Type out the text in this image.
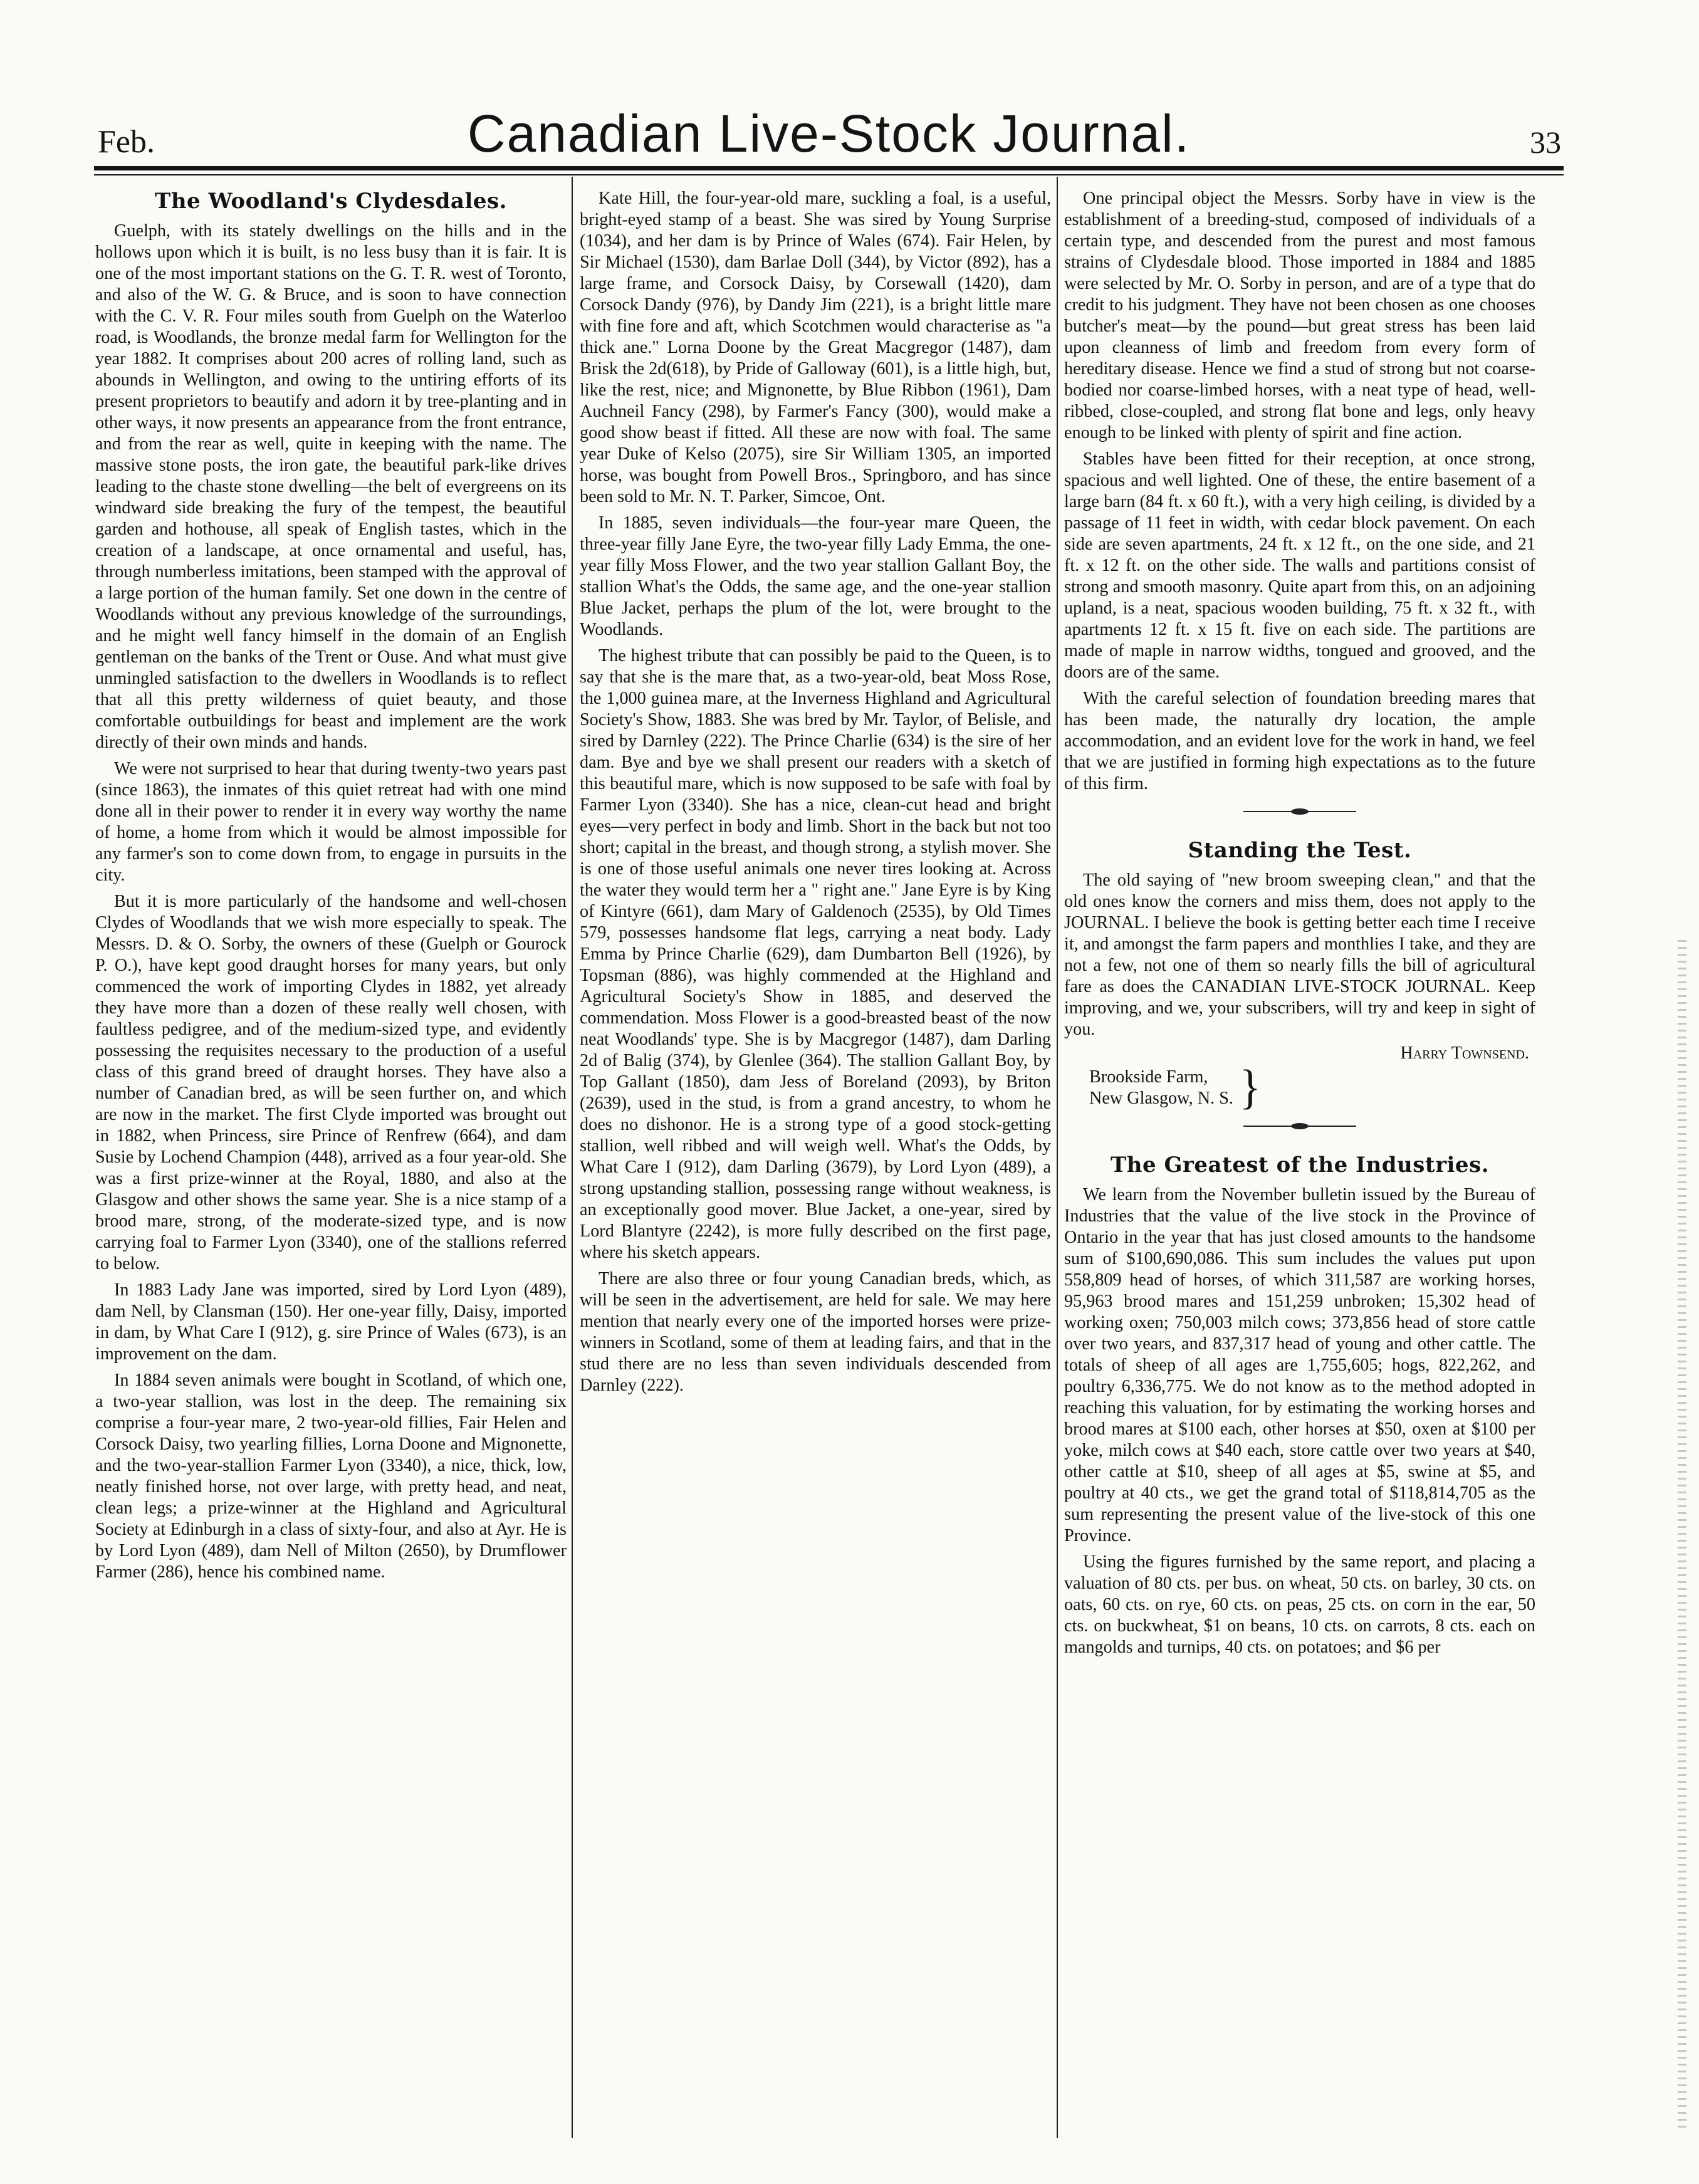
Feb.	Canadian Live-Stock Journal.	33
The Woodland's Clydesdales.

Guelph, with its stately dwellings on the hills and in the hollows upon which it is built, is no less busy than it is fair. It is one of the most important stations on the G. T. R. west of Toronto, and also of the W. G. & Bruce, and is soon to have connection with the C. V. R. Four miles south from Guelph on the Waterloo road, is Woodlands, the bronze medal farm for Wellington for the year 1882. It comprises about 200 acres of rolling land, such as abounds in Wellington, and owing to the untiring efforts of its present proprietors to beautify and adorn it by tree-planting and in other ways, it now presents an appearance from the front entrance, and from the rear as well, quite in keeping with the name. The massive stone posts, the iron gate, the beautiful park-like drives leading to the chaste stone dwelling—the belt of evergreens on its windward side breaking the fury of the tempest, the beautiful garden and hothouse, all speak of English tastes, which in the creation of a landscape, at once ornamental and useful, has, through numberless imitations, been stamped with the approval of a large portion of the human family. Set one down in the centre of Woodlands without any previous knowledge of the surroundings, and he might well fancy himself in the domain of an English gentleman on the banks of the Trent or Ouse. And what must give unmingled satisfaction to the dwellers in Woodlands is to reflect that all this pretty wilderness of quiet beauty, and those comfortable outbuildings for beast and implement are the work directly of their own minds and hands.

We were not surprised to hear that during twenty-two years past (since 1863), the inmates of this quiet retreat had with one mind done all in their power to render it in every way worthy the name of home, a home from which it would be almost impossible for any farmer's son to come down from, to engage in pursuits in the city.

But it is more particularly of the handsome and well-chosen Clydes of Woodlands that we wish more especially to speak. The Messrs. D. & O. Sorby, the owners of these (Guelph or Gourock P. O.), have kept good draught horses for many years, but only commenced the work of importing Clydes in 1882, yet already they have more than a dozen of these really well chosen, with faultless pedigree, and of the medium-sized type, and evidently possessing the requisites necessary to the production of a useful class of this grand breed of draught horses. They have also a number of Canadian bred, as will be seen further on, and which are now in the market. The first Clyde imported was brought out in 1882, when Princess, sire Prince of Renfrew (664), and dam Susie by Lochend Champion (448), arrived as a four year-old. She was a first prize-winner at the Royal, 1880, and also at the Glasgow and other shows the same year. She is a nice stamp of a brood mare, strong, of the moderate-sized type, and is now carrying foal to Farmer Lyon (3340), one of the stallions referred to below.

In 1883 Lady Jane was imported, sired by Lord Lyon (489), dam Nell, by Clansman (150). Her one-year filly, Daisy, imported in dam, by What Care I (912), g. sire Prince of Wales (673), is an improvement on the dam.

In 1884 seven animals were bought in Scotland, of which one, a two-year stallion, was lost in the deep. The remaining six comprise a four-year mare, 2 two-year-old fillies, Fair Helen and Corsock Daisy, two yearling fillies, Lorna Doone and Mignonette, and the two-year-stallion Farmer Lyon (3340), a nice, thick, low, neatly finished horse, not over large, with pretty head, and neat, clean legs; a prize-winner at the Highland and Agricultural Society at Edinburgh in a class of sixty-four, and also at Ayr. He is by Lord Lyon (489), dam Nell of Milton (2650), by Drumflower Farmer (286), hence his combined name.

Kate Hill, the four-year-old mare, suckling a foal, is a useful, bright-eyed stamp of a beast. She was sired by Young Surprise (1034), and her dam is by Prince of Wales (674). Fair Helen, by Sir Michael (1530), dam Barlae Doll (344), by Victor (892), has a large frame, and Corsock Daisy, by Corsewall (1420), dam Corsock Dandy (976), by Dandy Jim (221), is a bright little mare with fine fore and aft, which Scotchmen would characterise as "a thick ane." Lorna Doone by the Great Macgregor (1487), dam Brisk the 2d(618), by Pride of Galloway (601), is a little high, but, like the rest, nice; and Mignonette, by Blue Ribbon (1961), Dam Auchneil Fancy (298), by Farmer's Fancy (300), would make a good show beast if fitted. All these are now with foal. The same year Duke of Kelso (2075), sire Sir William 1305, an imported horse, was bought from Powell Bros., Springboro, and has since been sold to Mr. N. T. Parker, Simcoe, Ont.

In 1885, seven individuals—the four-year mare Queen, the three-year filly Jane Eyre, the two-year filly Lady Emma, the one-year filly Moss Flower, and the two year stallion Gallant Boy, the stallion What's the Odds, the same age, and the one-year stallion Blue Jacket, perhaps the plum of the lot, were brought to the Woodlands.

The highest tribute that can possibly be paid to the Queen, is to say that she is the mare that, as a two-year-old, beat Moss Rose, the 1,000 guinea mare, at the Inverness Highland and Agricultural Society's Show, 1883. She was bred by Mr. Taylor, of Belisle, and sired by Darnley (222). The Prince Charlie (634) is the sire of her dam. Bye and bye we shall present our readers with a sketch of this beautiful mare, which is now supposed to be safe with foal by Farmer Lyon (3340). She has a nice, clean-cut head and bright eyes—very perfect in body and limb. Short in the back but not too short; capital in the breast, and though strong, a stylish mover. She is one of those useful animals one never tires looking at. Across the water they would term her a " right ane." Jane Eyre is by King of Kintyre (661), dam Mary of Galdenoch (2535), by Old Times 579, possesses handsome flat legs, carrying a neat body. Lady Emma by Prince Charlie (629), dam Dumbarton Bell (1926), by Topsman (886), was highly commended at the Highland and Agricultural Society's Show in 1885, and deserved the commendation. Moss Flower is a good-breasted beast of the now neat Woodlands' type. She is by Macgregor (1487), dam Darling 2d of Balig (374), by Glenlee (364). The stallion Gallant Boy, by Top Gallant (1850), dam Jess of Boreland (2093), by Briton (2639), used in the stud, is from a grand ancestry, to whom he does no dishonor. He is a strong type of a good stock-getting stallion, well ribbed and will weigh well. What's the Odds, by What Care I (912), dam Darling (3679), by Lord Lyon (489), a strong upstanding stallion, possessing range without weakness, is an exceptionally good mover. Blue Jacket, a one-year, sired by Lord Blantyre (2242), is more fully described on the first page, where his sketch appears.

There are also three or four young Canadian breds, which, as will be seen in the advertisement, are held for sale. We may here mention that nearly every one of the imported horses were prize-winners in Scotland, some of them at leading fairs, and that in the stud there are no less than seven individuals descended from Darnley (222).

One principal object the Messrs. Sorby have in view is the establishment of a breeding-stud, composed of individuals of a certain type, and descended from the purest and most famous strains of Clydesdale blood. Those imported in 1884 and 1885 were selected by Mr. O. Sorby in person, and are of a type that do credit to his judgment. They have not been chosen as one chooses butcher's meat—by the pound—but great stress has been laid upon cleanness of limb and freedom from every form of hereditary disease. Hence we find a stud of strong but not coarse-bodied nor coarse-limbed horses, with a neat type of head, well-ribbed, close-coupled, and strong flat bone and legs, only heavy enough to be linked with plenty of spirit and fine action.

Stables have been fitted for their reception, at once strong, spacious and well lighted. One of these, the entire basement of a large barn (84 ft. x 60 ft.), with a very high ceiling, is divided by a passage of 11 feet in width, with cedar block pavement. On each side are seven apartments, 24 ft. x 12 ft., on the one side, and 21 ft. x 12 ft. on the other side. The walls and partitions consist of strong and smooth masonry. Quite apart from this, on an adjoining upland, is a neat, spacious wooden building, 75 ft. x 32 ft., with apartments 12 ft. x 15 ft. five on each side. The partitions are made of maple in narrow widths, tongued and grooved, and the doors are of the same.

With the careful selection of foundation breeding mares that has been made, the naturally dry location, the ample accommodation, and an evident love for the work in hand, we feel that we are justified in forming high expectations as to the future of this firm.

Standing the Test.

The old saying of "new broom sweeping clean," and that the old ones know the corners and miss them, does not apply to the JOURNAL. I believe the book is getting better each time I receive it, and amongst the farm papers and monthlies I take, and they are not a few, not one of them so nearly fills the bill of agricultural fare as does the CANADIAN LIVE-STOCK JOURNAL. Keep improving, and we, your subscribers, will try and keep in sight of you.

Harry Townsend.
Brookside Farm,
New Glasgow, N. S. }
The Greatest of the Industries.

We learn from the November bulletin issued by the Bureau of Industries that the value of the live stock in the Province of Ontario in the year that has just closed amounts to the handsome sum of $100,690,086. This sum includes the values put upon 558,809 head of horses, of which 311,587 are working horses, 95,963 brood mares and 151,259 unbroken; 15,302 head of working oxen; 750,003 milch cows; 373,856 head of store cattle over two years, and 837,317 head of young and other cattle. The totals of sheep of all ages are 1,755,605; hogs, 822,262, and poultry 6,336,775. We do not know as to the method adopted in reaching this valuation, for by estimating the working horses and brood mares at $100 each, other horses at $50, oxen at $100 per yoke, milch cows at $40 each, store cattle over two years at $40, other cattle at $10, sheep of all ages at $5, swine at $5, and poultry at 40 cts., we get the grand total of $118,814,705 as the sum representing the present value of the live-stock of this one Province.

Using the figures furnished by the same report, and placing a valuation of 80 cts. per bus. on wheat, 50 cts. on barley, 30 cts. on oats, 60 cts. on rye, 60 cts. on peas, 25 cts. on corn in the ear, 50 cts. on buckwheat, $1 on beans, 10 cts. on carrots, 8 cts. each on mangolds and turnips, 40 cts. on potatoes; and $6 per
